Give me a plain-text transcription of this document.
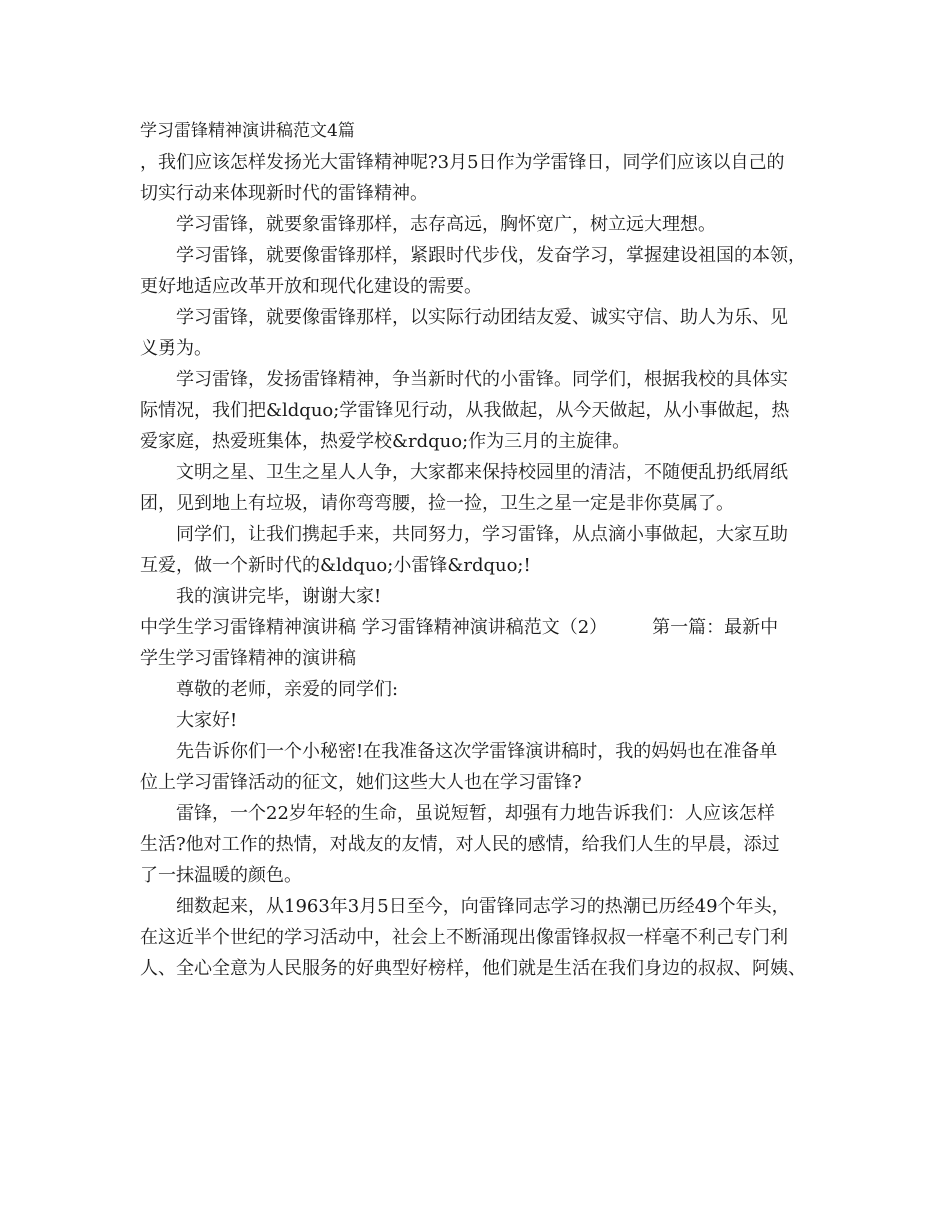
学习雷锋精神演讲稿范文4篇
，我们应该怎样发扬光大雷锋精神呢?3月5日作为学雷锋日，同学们应该以自己的
切实行动来体现新时代的雷锋精神。
学习雷锋，就要象雷锋那样，志存高远，胸怀宽广，树立远大理想。
学习雷锋，就要像雷锋那样，紧跟时代步伐，发奋学习，掌握建设祖国的本领，
更好地适应改革开放和现代化建设的需要。
学习雷锋，就要像雷锋那样，以实际行动团结友爱、诚实守信、助人为乐、见
义勇为。
学习雷锋，发扬雷锋精神，争当新时代的小雷锋。同学们，根据我校的具体实
际情况，我们把&ldquo;学雷锋见行动，从我做起，从今天做起，从小事做起，热
爱家庭，热爱班集体，热爱学校&rdquo;作为三月的主旋律。
文明之星、卫生之星人人争，大家都来保持校园里的清洁，不随便乱扔纸屑纸
团，见到地上有垃圾，请你弯弯腰，捡一捡，卫生之星一定是非你莫属了。
同学们，让我们携起手来，共同努力，学习雷锋，从点滴小事做起，大家互助
互爱，做一个新时代的&ldquo;小雷锋&rdquo;!
我的演讲完毕，谢谢大家!
中学生学习雷锋精神演讲稿 学习雷锋精神演讲稿范文（2）　　　第一篇：最新中
学生学习雷锋精神的演讲稿
尊敬的老师，亲爱的同学们:
大家好!
先告诉你们一个小秘密!在我准备这次学雷锋演讲稿时，我的妈妈也在准备单
位上学习雷锋活动的征文，她们这些大人也在学习雷锋?
雷锋，一个22岁年轻的生命，虽说短暂，却强有力地告诉我们：人应该怎样
生活?他对工作的热情，对战友的友情，对人民的感情，给我们人生的早晨，添过
了一抹温暖的颜色。
细数起来，从1963年3月5日至今，向雷锋同志学习的热潮已历经49个年头，
在这近半个世纪的学习活动中，社会上不断涌现出像雷锋叔叔一样毫不利己专门利
人、全心全意为人民服务的好典型好榜样，他们就是生活在我们身边的叔叔、阿姨、
